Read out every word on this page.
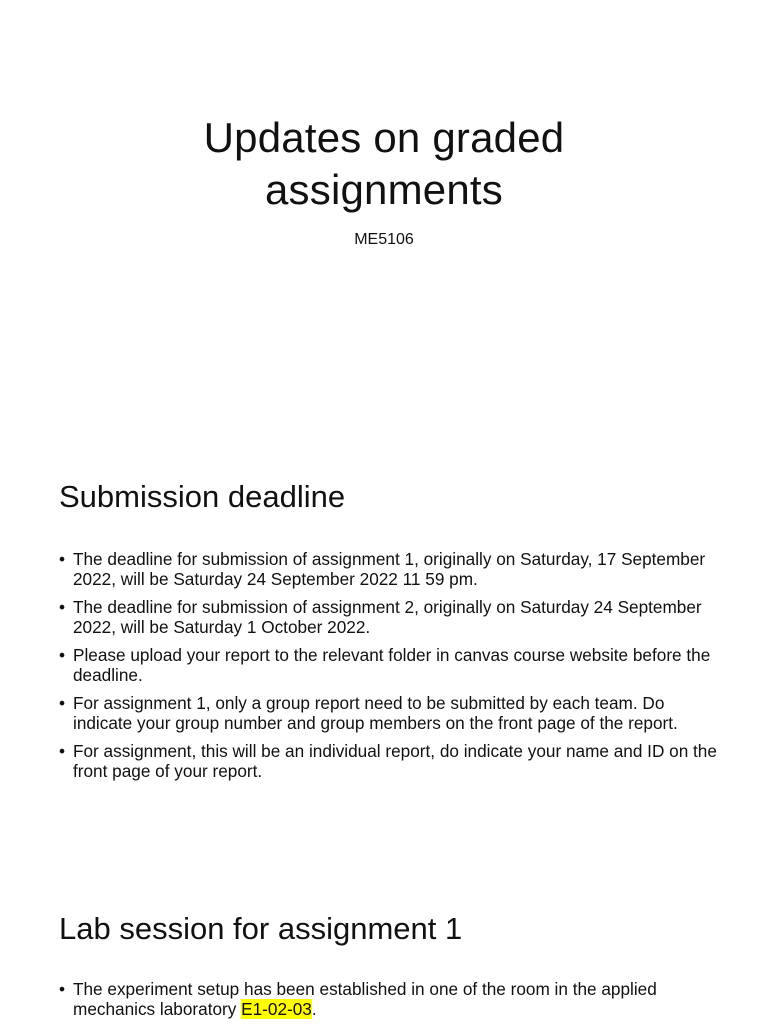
Updates on graded
assignments
ME5106
Submission deadline
• The deadline for submission of assignment 1, originally on Saturday, 17 September 2022, will be Saturday 24 September 2022 11 59 pm.
• The deadline for submission of assignment 2, originally on Saturday 24 September 2022, will be Saturday 1 October 2022.
• Please upload your report to the relevant folder in canvas course website before the deadline.
• For assignment 1, only a group report need to be submitted by each team. Do indicate your group number and group members on the front page of the report.
• For assignment, this will be an individual report, do indicate your name and ID on the front page of your report.
Lab session for assignment 1
• The experiment setup has been established in one of the room in the applied mechanics laboratory E1-02-03.
